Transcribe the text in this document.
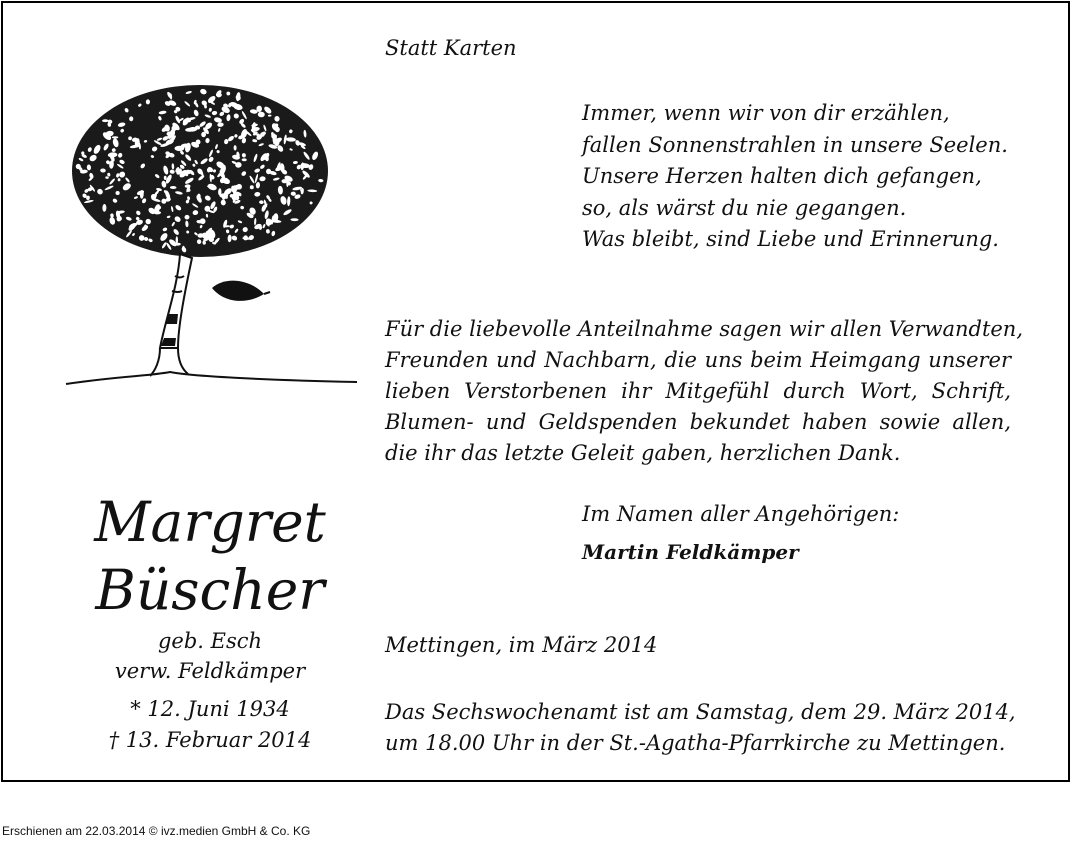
Statt Karten
Immer, wenn wir von dir erzählen,
fallen Sonnenstrahlen in unsere Seelen.
Unsere Herzen halten dich gefangen,
so, als wärst du nie gegangen.
Was bleibt, sind Liebe und Erinnerung.
Für die liebevolle Anteilnahme sagen wir allen Verwandten,
Freunden und Nachbarn, die uns beim Heimgang unserer
lieben Verstorbenen ihr Mitgefühl durch Wort, Schrift,
Blumen- und Geldspenden bekundet haben sowie allen,
die ihr das letzte Geleit gaben, herzlichen Dank.
Im Namen aller Angehörigen:
Martin Feldkämper
Mettingen, im März 2014
Das Sechswochenamt ist am Samstag, dem 29. März 2014,
um 18.00 Uhr in der St.-Agatha-Pfarrkirche zu Mettingen.
Margret
Büscher
geb. Esch
verw. Feldkämper
* 12. Juni 1934
† 13. Februar 2014
Erschienen am 22.03.2014 © ivz.medien GmbH & Co. KG
